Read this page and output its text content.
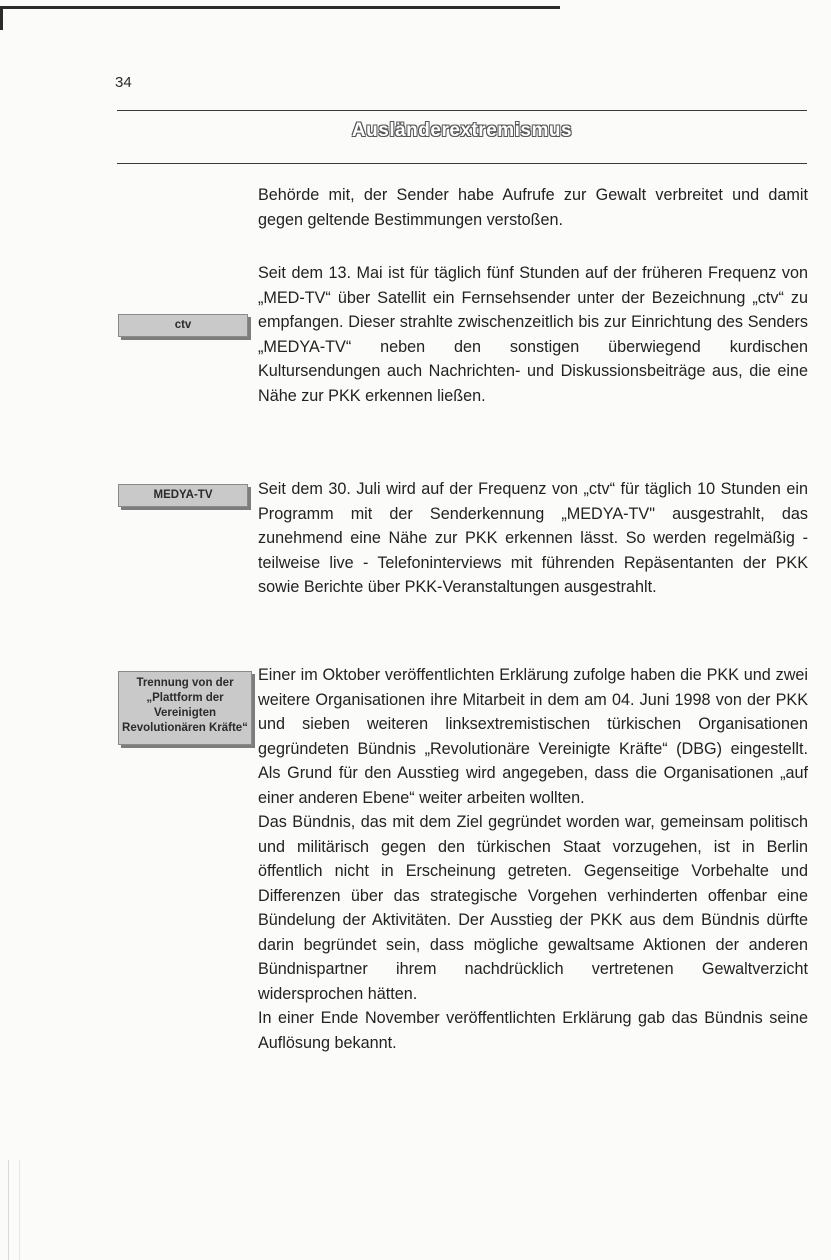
34
Ausländerextremismus

Behörde mit, der Sender habe Aufrufe zur Gewalt verbreitet und damit gegen geltende Bestimmungen verstoßen.

ctv

Seit dem 13. Mai ist für täglich fünf Stunden auf der früheren Frequenz von „MED-TV“ über Satellit ein Fernsehsender unter der Bezeichnung „ctv“ zu empfangen. Dieser strahlte zwischenzeitlich bis zur Einrichtung des Senders „MEDYA-TV“ neben den sonstigen überwiegend kurdischen Kultursendungen auch Nachrichten- und Diskussionsbeiträge aus, die eine Nähe zur PKK erkennen ließen.

MEDYA-TV	Seit dem 30. Juli wird auf der Frequenz von „ctv“ für täglich 10 Stunden ein Programm mit der Senderkennung „MEDYA-TV" ausgestrahlt, das zunehmend eine Nähe zur PKK erkennen lässt. So werden regelmäßig - teilweise live - Telefoninterviews mit führenden Repäsentanten der PKK sowie Berichte über PKK-Veranstaltungen ausgestrahlt.

Trennung von der „Plattform der Vereinigten Revolutionären Kräfte“

Einer im Oktober veröffentlichten Erklärung zufolge haben die PKK und zwei weitere Organisationen ihre Mitarbeit in dem am 04. Juni 1998 von der PKK und sieben weiteren linksextremistischen türkischen Organisationen gegründeten Bündnis „Revolutionäre Vereinigte Kräfte“ (DBG) eingestellt. Als Grund für den Ausstieg wird angegeben, dass die Organisationen „auf einer anderen Ebene“ weiter arbeiten wollten.

Das Bündnis, das mit dem Ziel gegründet worden war, gemeinsam politisch und militärisch gegen den türkischen Staat vorzugehen, ist in Berlin öffentlich nicht in Erscheinung getreten. Gegenseitige Vorbehalte und Differenzen über das strategische Vorgehen verhinderten offenbar eine Bündelung der Aktivitäten. Der Ausstieg der PKK aus dem Bündnis dürfte darin begründet sein, dass mögliche gewaltsame Aktionen der anderen Bündnispartner ihrem nachdrücklich vertretenen Gewaltverzicht widersprochen hätten.

In einer Ende November veröffentlichten Erklärung gab das Bündnis seine Auflösung bekannt.
